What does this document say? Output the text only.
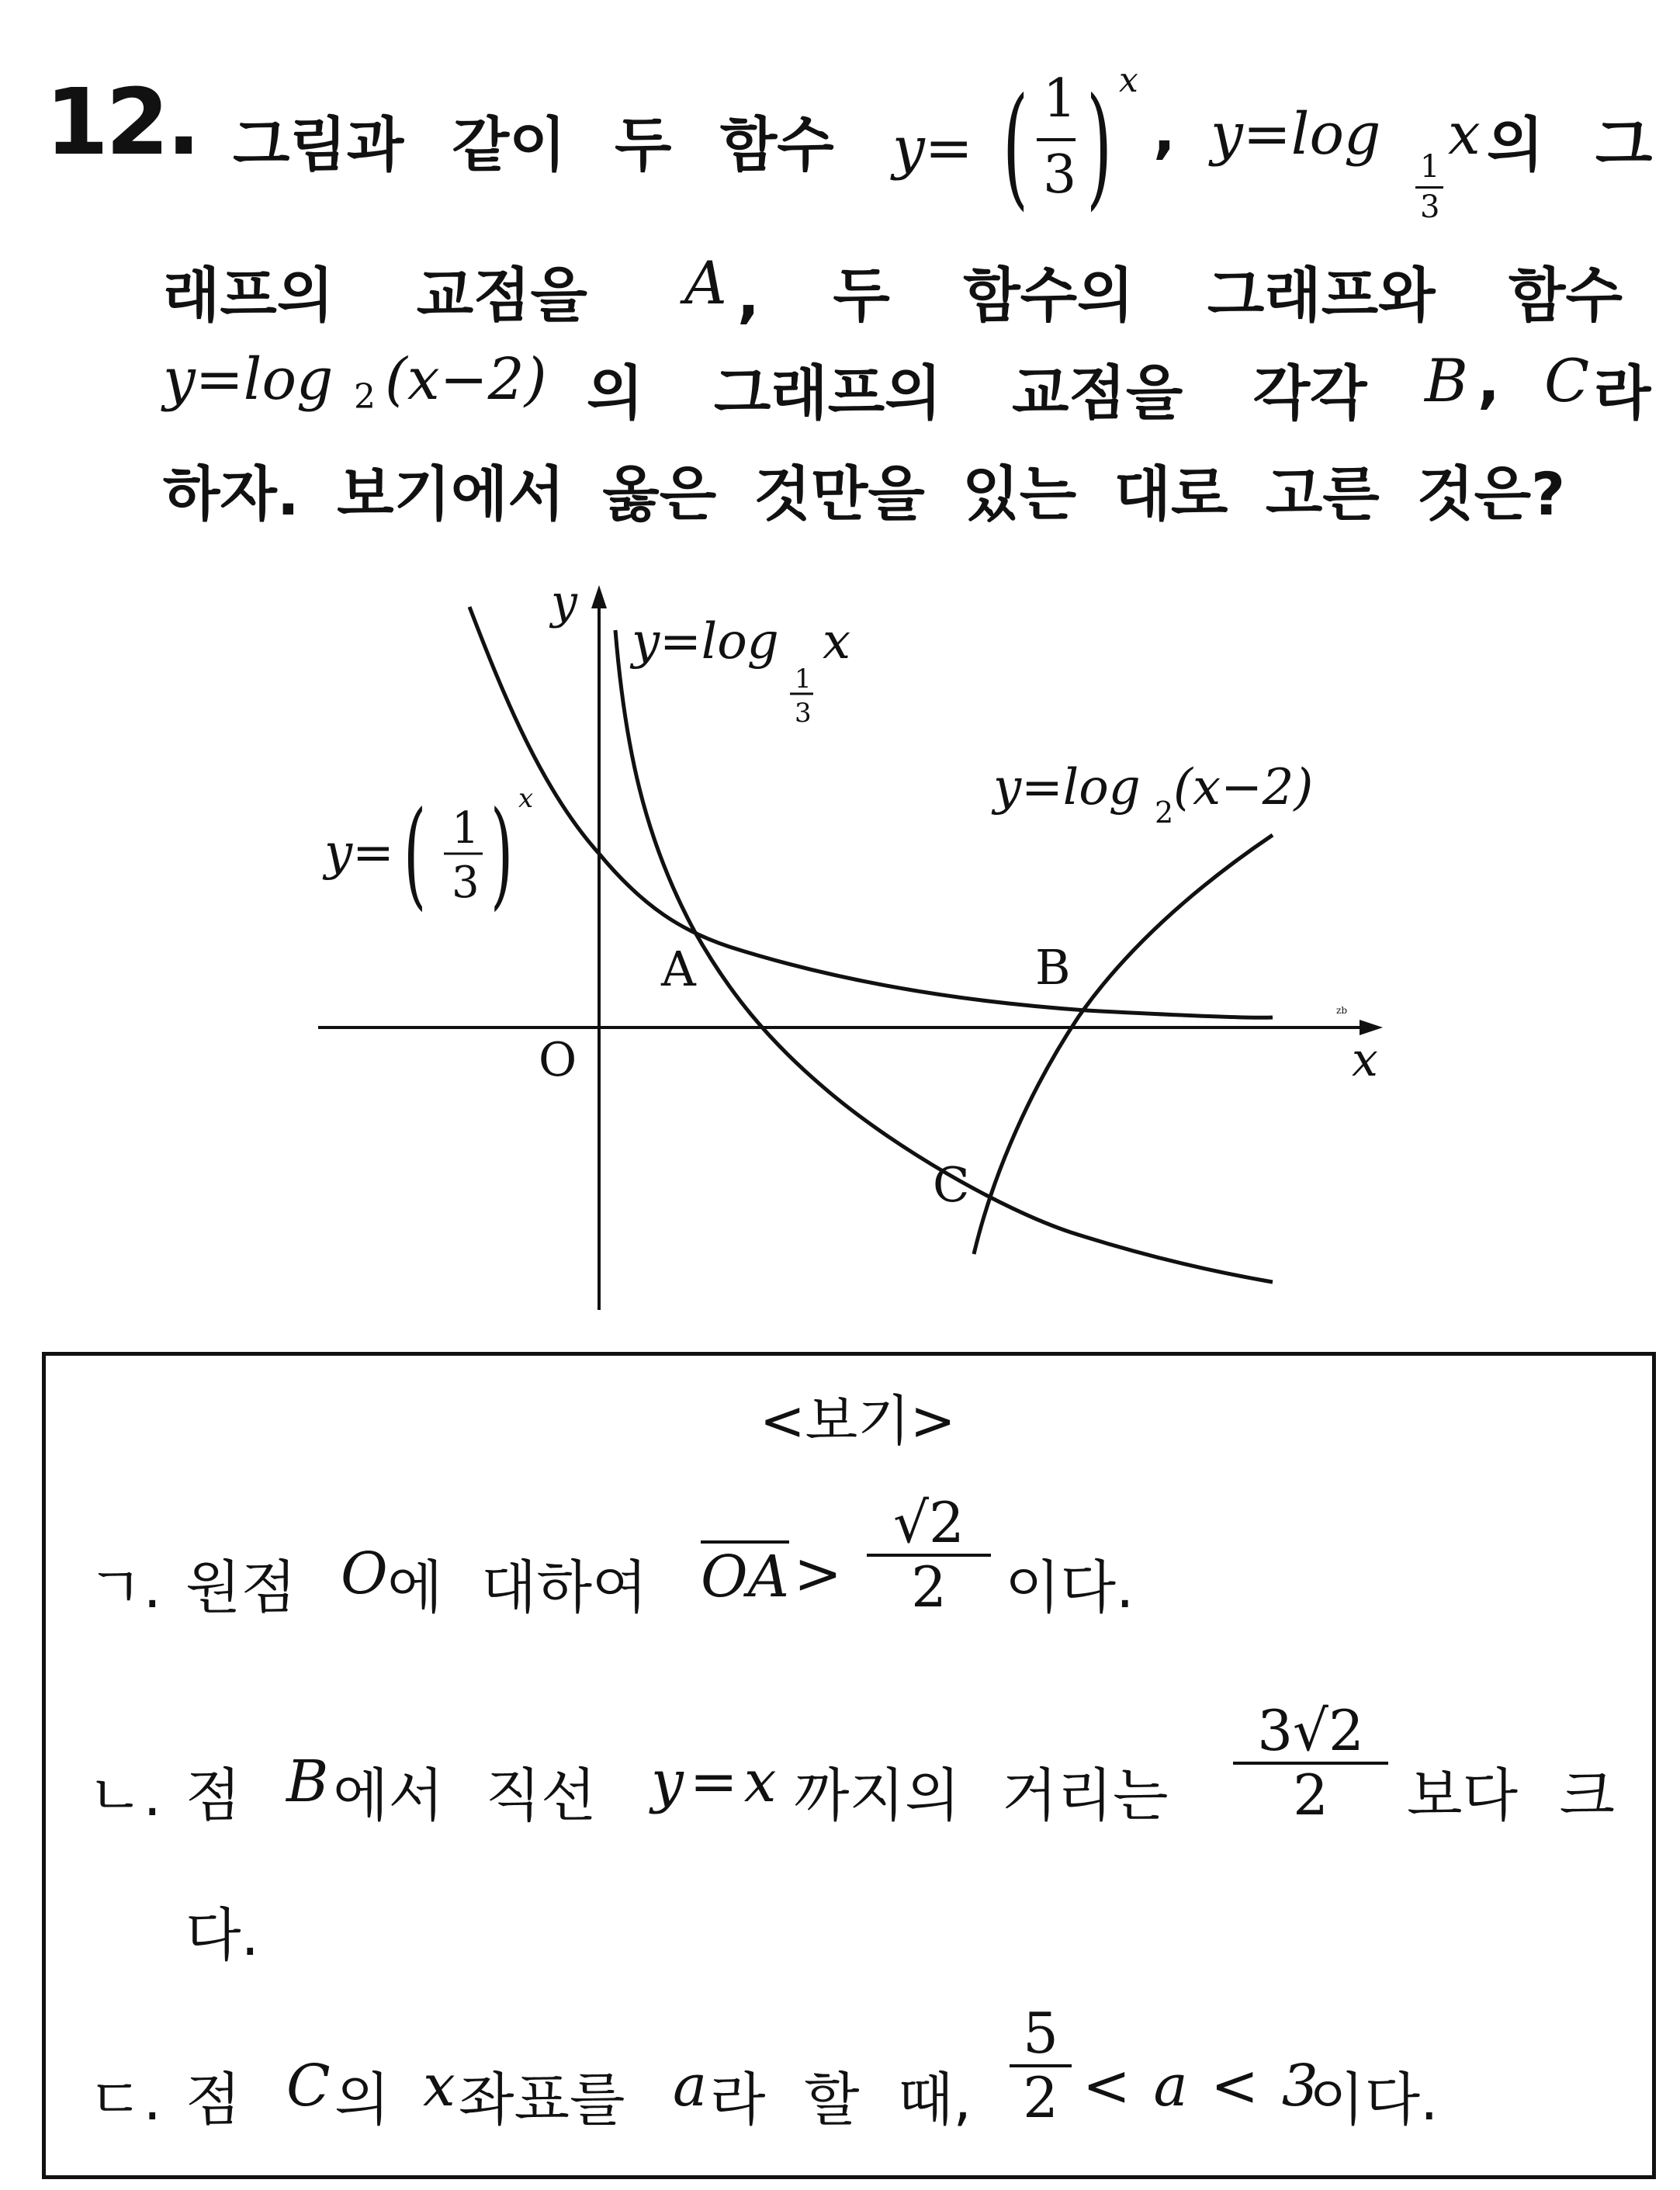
12. 그림과 같이 두 함수 y= ( 1
3 ) x
, y=log 1
3
x 의 그
래프의 교점을 A , 두 함수의 그래프와 함수
y=log 2 (x−2) 의 그래프의 교점을 각각 B , C 라
하자. 보기에서 옳은 것만을 있는 대로 고른 것은?
y
x
O
A	B
C
zb
y=log
1
3
x
y= ( 1
3 ) x	y=log 2 (x−2)
<보기>
ㄱ. 원점 O 에 대하여 OA >
√2
2	이다.
ㄴ. 점 B 에서 직선 y=x 까지의 거리는
3√2
2	보다 크
다.
ㄷ. 점 C 의 x 좌표를 a 라 할 때,
5
2 < a < 3
이다.
